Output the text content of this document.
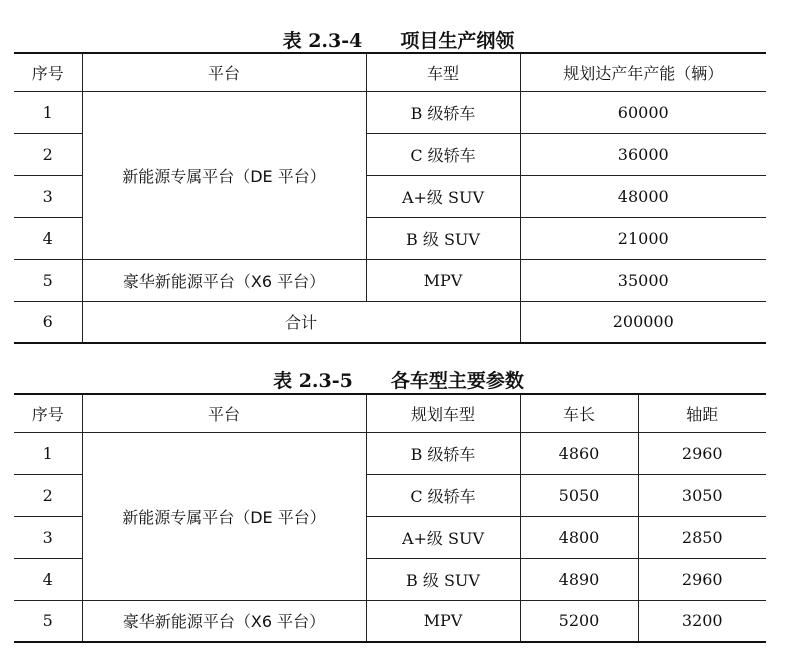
表 2.3-4 项目生产纲领
序号	平台	车型	规划达产年产能（辆）
1	新能源专属平台（DE 平台）	B 级轿车	60000
2		C 级轿车	36000
3		A+级 SUV	48000
4		B 级 SUV	21000
5	豪华新能源平台（X6 平台）	MPV	35000
6	合计		200000
表 2.3-5 各车型主要参数
序号	平台	规划车型	车长	轴距
1	新能源专属平台（DE 平台）	B 级轿车	4860	2960
2		C 级轿车	5050	3050
3		A+级 SUV	4800	2850
4		B 级 SUV	4890	2960
5	豪华新能源平台（X6 平台）	MPV	5200	3200
